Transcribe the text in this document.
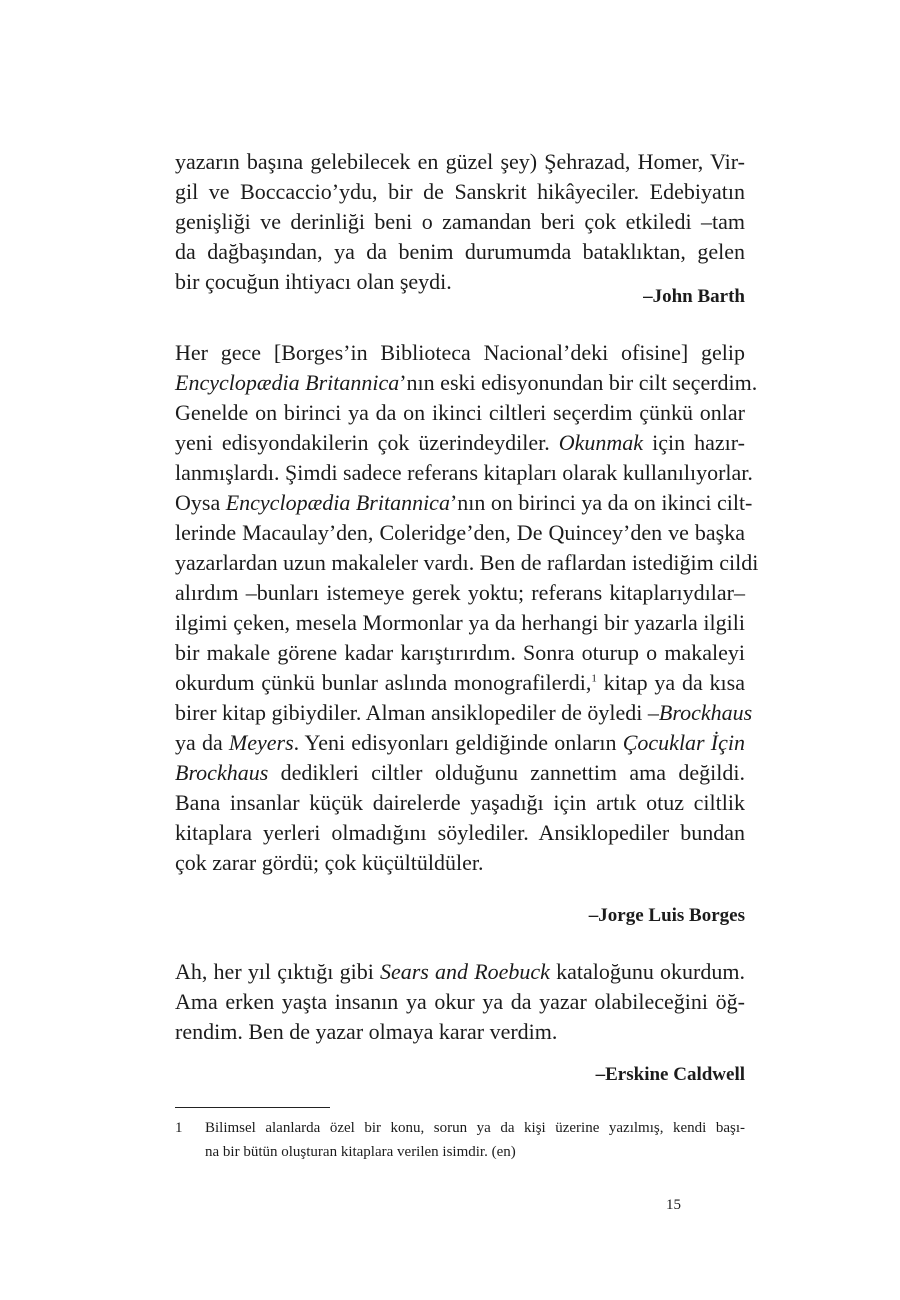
yazarın başına gelebilecek en güzel şey) Şehrazad, Homer, Vir-
gil ve Boccaccio’ydu, bir de Sanskrit hikâyeciler. Edebiyatın
genişliği ve derinliği beni o zamandan beri çok etkiledi –tam
da dağbaşından, ya da benim durumumda bataklıktan, gelen
bir çocuğun ihtiyacı olan şeydi.
–John Barth
Her gece [Borges’in Biblioteca Nacional’deki ofisine] gelip
Encyclopædia Britannica’nın eski edisyonundan bir cilt seçerdim.
Genelde on birinci ya da on ikinci ciltleri seçerdim çünkü onlar
yeni edisyondakilerin çok üzerindeydiler. Okunmak için hazır-
lanmışlardı. Şimdi sadece referans kitapları olarak kullanılıyorlar.
Oysa Encyclopædia Britannica’nın on birinci ya da on ikinci cilt-
lerinde Macaulay’den, Coleridge’den, De Quincey’den ve başka
yazarlardan uzun makaleler vardı. Ben de raflardan istediğim cildi
alırdım –bunları istemeye gerek yoktu; referans kitaplarıydılar–
ilgimi çeken, mesela Mormonlar ya da herhangi bir yazarla ilgili
bir makale görene kadar karıştırırdım. Sonra oturup o makaleyi
okurdum çünkü bunlar aslında monografilerdi,$^1$ kitap ya da kısa
birer kitap gibiydiler. Alman ansiklopediler de öyledi –Brockhaus
ya da Meyers. Yeni edisyonları geldiğinde onların Çocuklar İçin
Brockhaus dedikleri ciltler olduğunu zannettim ama değildi.
Bana insanlar küçük dairelerde yaşadığı için artık otuz ciltlik
kitaplara yerleri olmadığını söylediler. Ansiklopediler bundan
çok zarar gördü; çok küçültüldüler.
–Jorge Luis Borges
Ah, her yıl çıktığı gibi Sears and Roebuck kataloğunu okurdum.
Ama erken yaşta insanın ya okur ya da yazar olabileceğini öğ-
rendim. Ben de yazar olmaya karar verdim.
–Erskine Caldwell
1 Bilimsel alanlarda özel bir konu, sorun ya da kişi üzerine yazılmış, kendi başı-
na bir bütün oluşturan kitaplara verilen isimdir. (en)
15
